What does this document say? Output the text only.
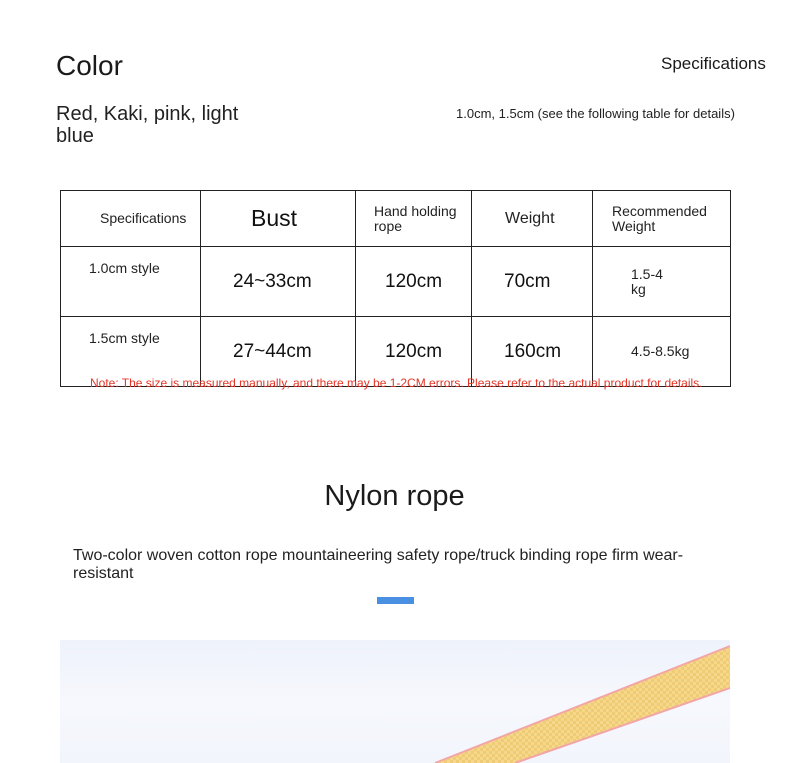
Color	Specifications
Red, Kaki, pink, light blue
1.0cm, 1.5cm (see the following table for details)
Specifications	Bust	Hand holding rope	Weight	Recommended Weight

1.0cm style	24~33cm	120cm	70cm	1.5-4kg

1.5cm style	27~44cm	120cm	160cm	4.5-8.5kg
Note: The size is measured manually, and there may be 1-2CM errors. Please refer to the actual product for details.
Nylon rope
Two-color woven cotton rope mountaineering safety rope/truck binding rope firm wear-resistant
